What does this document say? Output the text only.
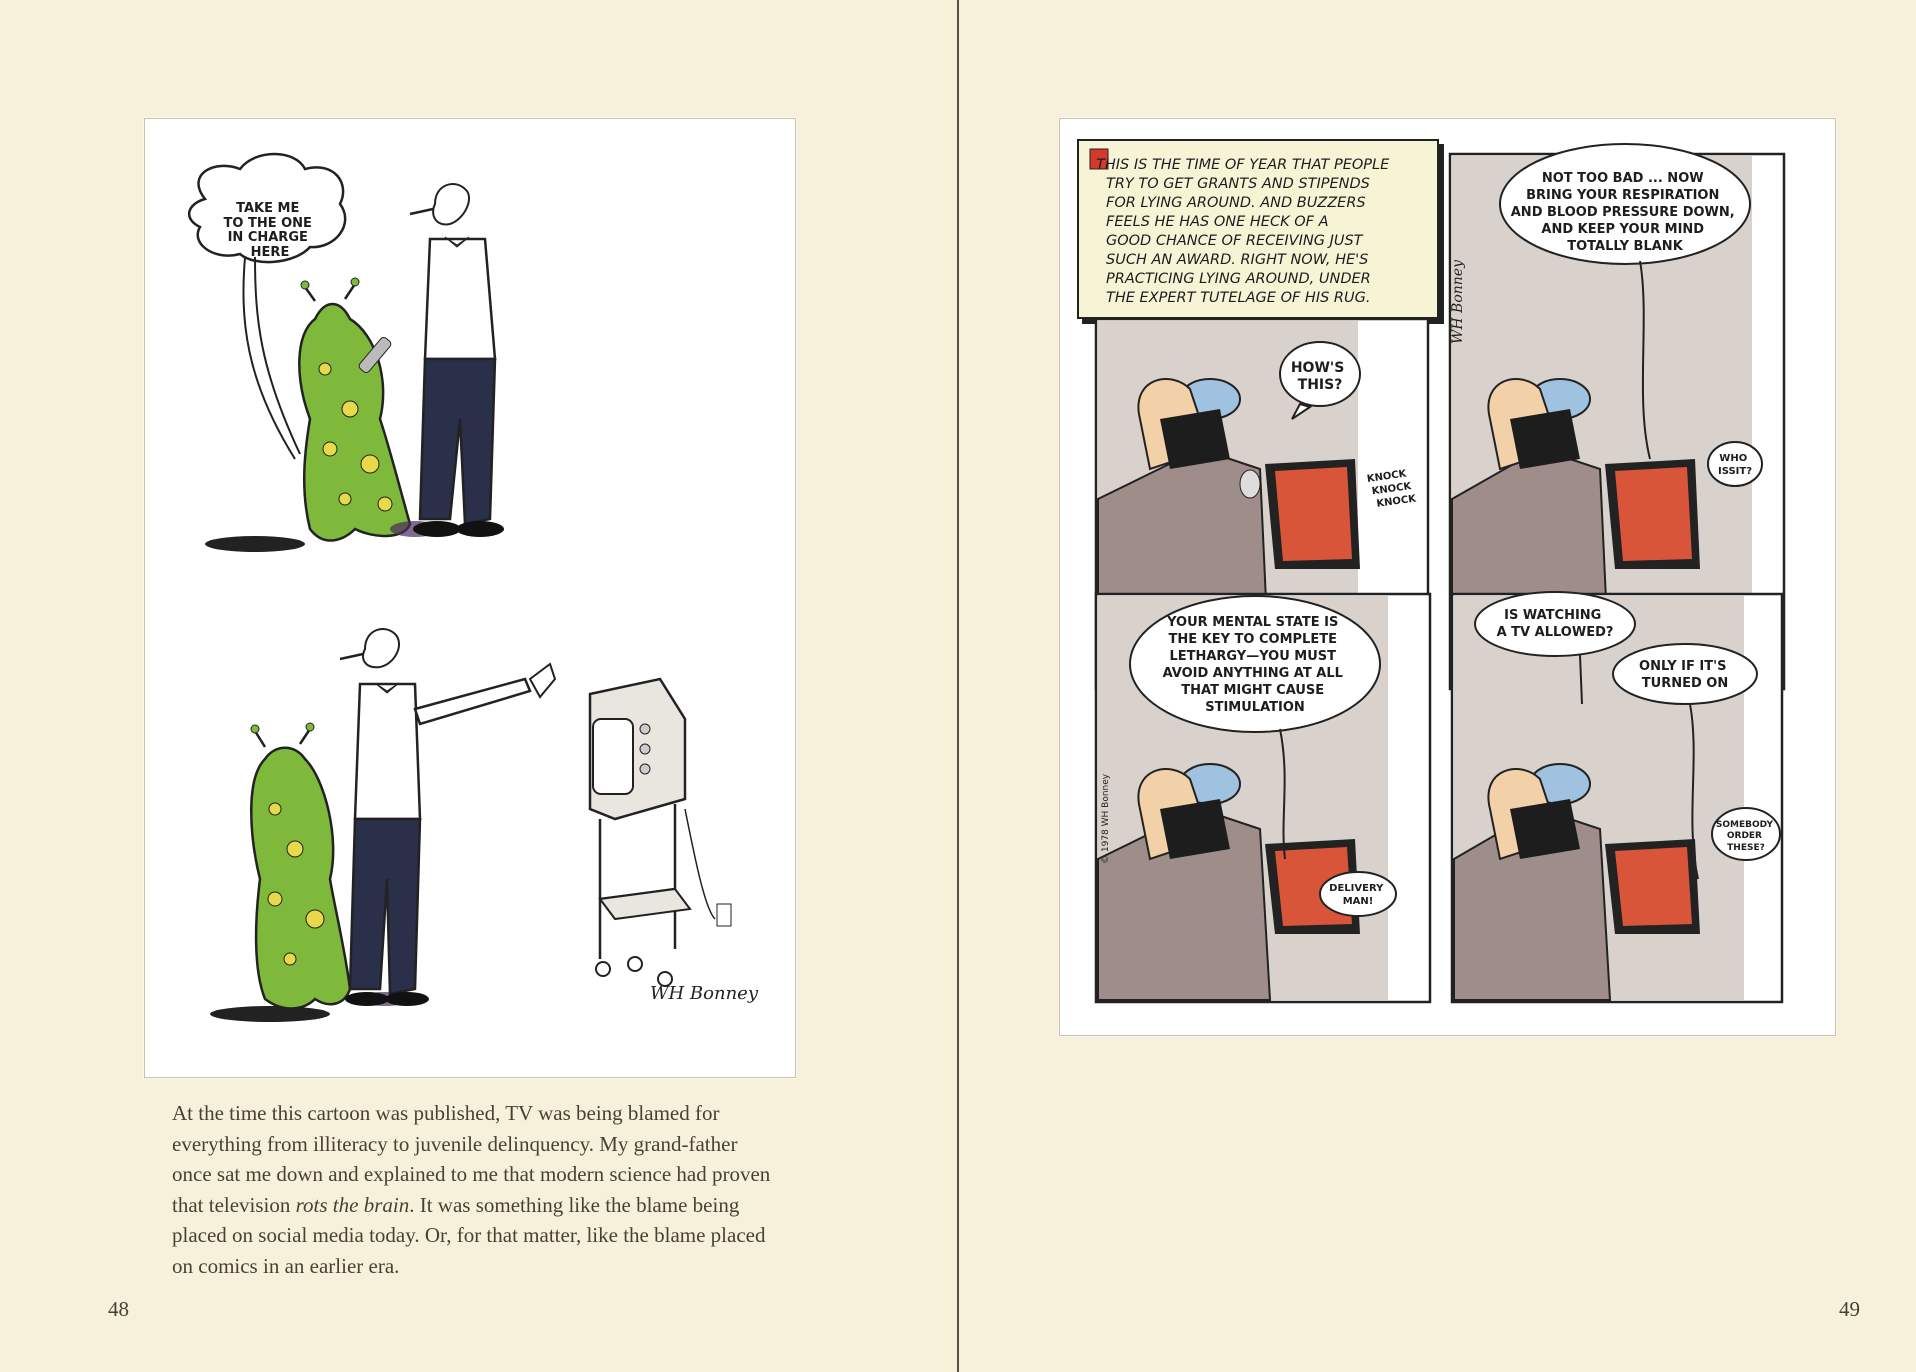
TAKE ME TO THE ONE IN CHARGE HERE
WH Bonney
At the time this cartoon was published, TV was being blamed for everything from illiteracy to juvenile delinquency. My grand-father once sat me down and explained to me that modern science had proven that television rots the brain. It was something like the blame being placed on social media today. Or, for that matter, like the blame placed on comics in an earlier era.
48
THIS IS THE TIME OF YEAR THAT PEOPLE TRY TO GET GRANTS AND STIPENDS FOR LYING AROUND. AND BUZZERS FEELS HE HAS ONE HECK OF A GOOD CHANCE OF RECEIVING JUST SUCH AN AWARD. RIGHT NOW, HE'S PRACTICING LYING AROUND, UNDER THE EXPERT TUTELAGE OF HIS RUG.
HOW'S THIS?
KNOCK KNOCK KNOCK
NOT TOO BAD ... NOW BRING YOUR RESPIRATION AND BLOOD PRESSURE DOWN, AND KEEP YOUR MIND TOTALLY BLANK
WHO ISSIT?
WH Bonney
YOUR MENTAL STATE IS THE KEY TO COMPLETE LETHARGY—YOU MUST AVOID ANYTHING AT ALL THAT MIGHT CAUSE STIMULATION
DELIVERY MAN!
© 1978 WH Bonney
IS WATCHING A TV ALLOWED?
ONLY IF IT'S TURNED ON
SOMEBODY ORDER THESE?
49
